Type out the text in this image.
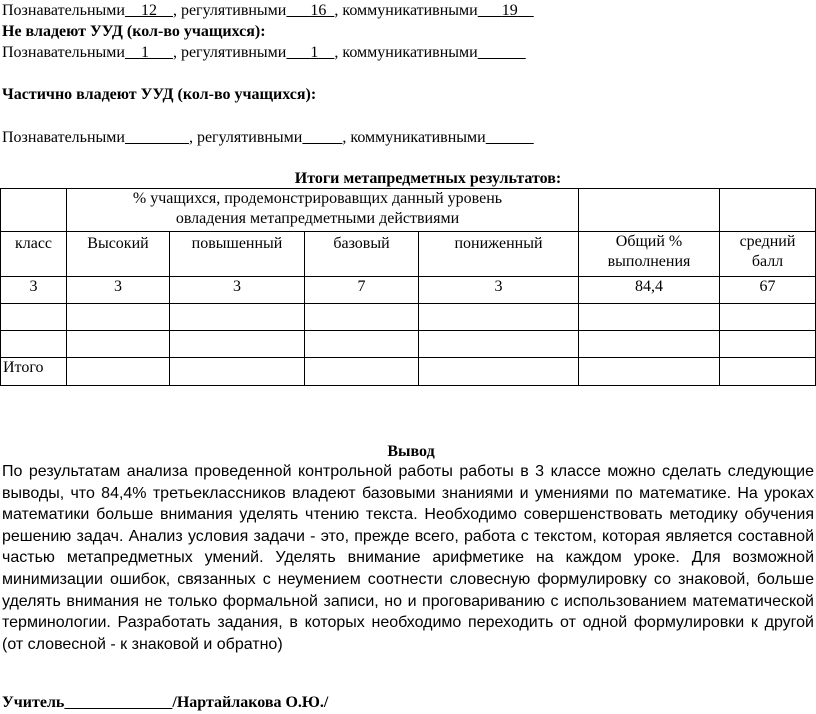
Познавательными​    12​    , регулятивными​      16​  , коммуникативными​      19​
Не владеют УУД (кол-во учащихся):
Познавательными​    1​      , регулятивными​      1​    , коммуникативными​
Частично владеют УУД (кол-во учащихся):
Познавательными​                , регулятивными​          , коммуникативными​
Итоги метапредметных результатов:
	% учащихся, продемонстрировавщих данный уровень овладения метапредметными действиями					
класс	Высокий	повышенный	базовый	пониженный	Общий % выполнения	средний балл
3	3	3	7	3	84,4	67

Итого						
Вывод
По результатам анализа проведенной контрольной работы работы в 3 классе можно сделать следующие выводы, что 84,4% третьеклассников владеют базовыми знаниями и умениями по математике. На уроках математики больше внимания уделять чтению текста. Необходимо совершенствовать методику обучения решению задач. Анализ условия задачи - это, прежде всего, работа с текстом, которая является составной частью метапредметных умений. Уделять внимание арифметике на каждом уроке. Для возможной минимизации ошибок, связанных с неумением соотнести словесную формулировку со знаковой, больше уделять внимания не только формальной записи, но и проговариванию с использованием математической терминологии. Разработать задания, в которых необходимо переходить от одной формулировки к другой (от словесной - к знаковой и обратно)
Учитель ​                          /Нартайлакова О.Ю./
